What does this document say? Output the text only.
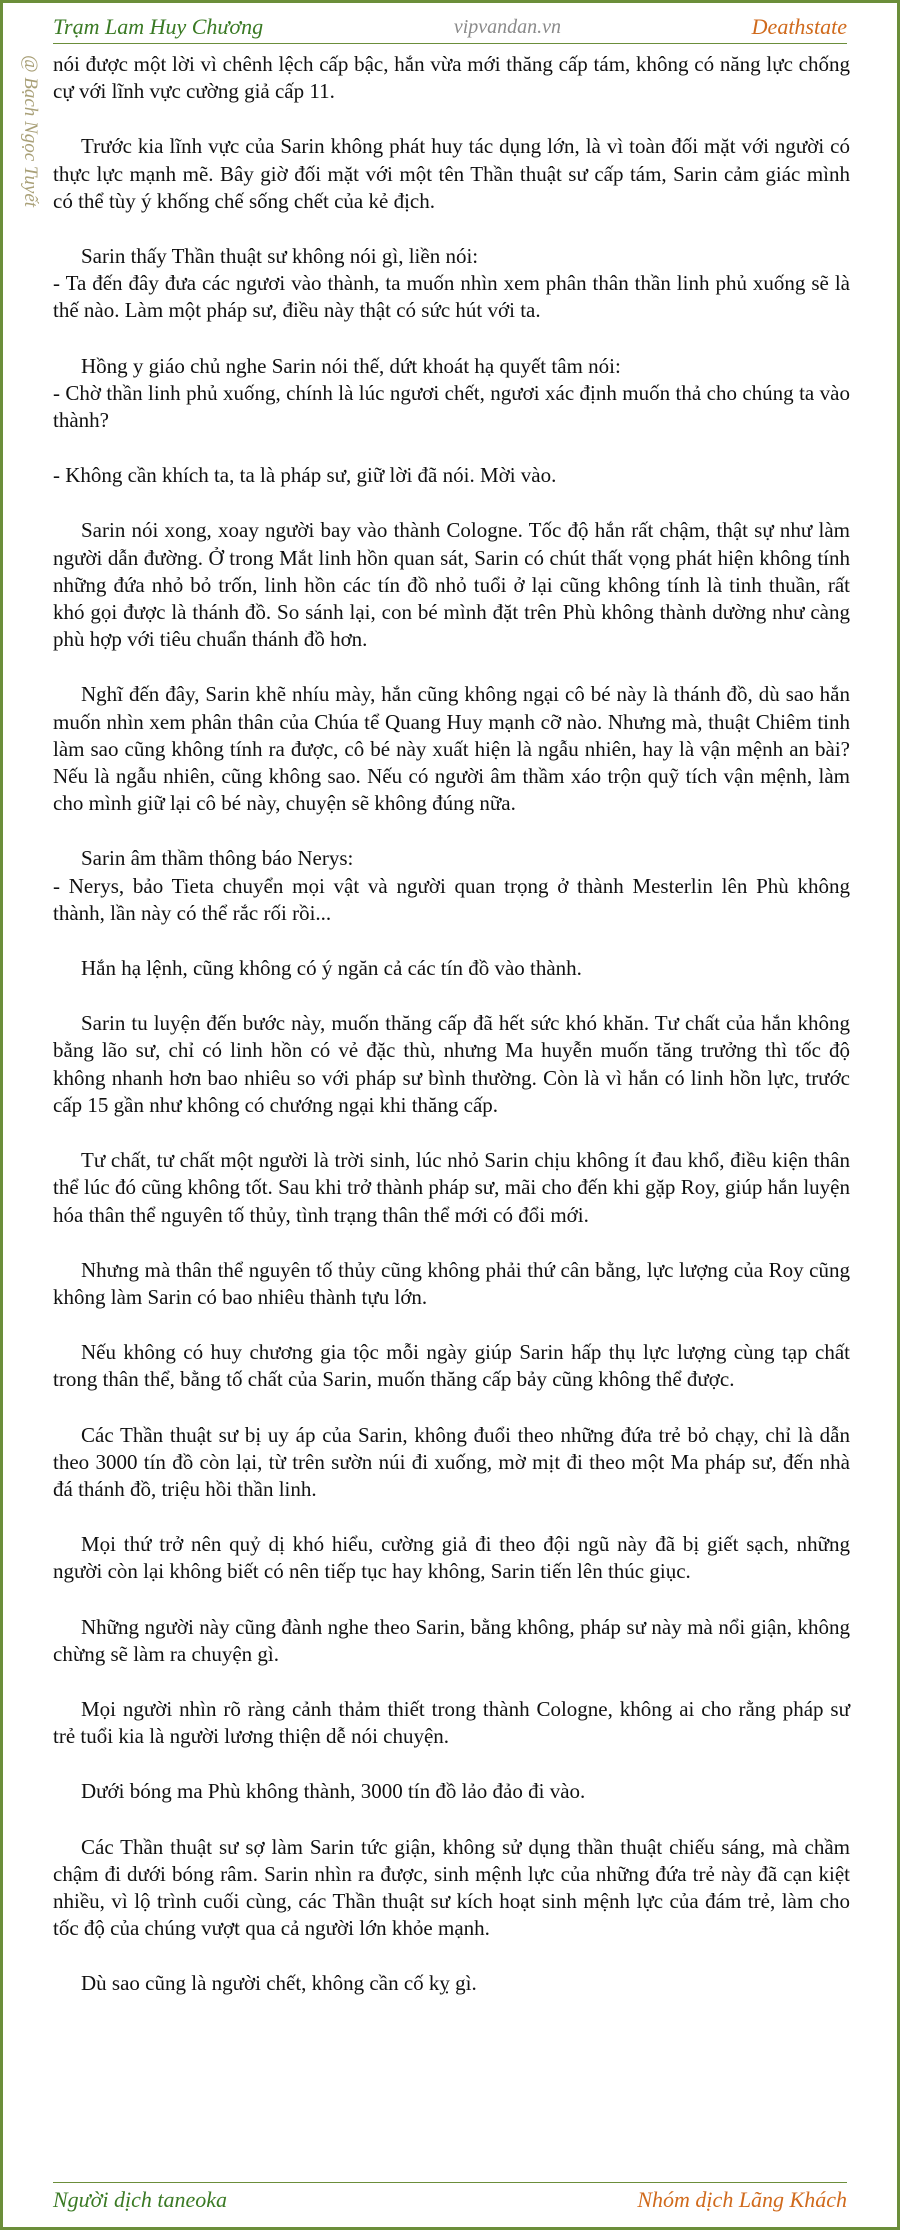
Trạm Lam Huy Chương	vipvandan.vn	Deathstate
@ Bạch Ngọc Tuyết nói được một lời vì chênh lệch cấp bậc, hắn vừa mới thăng cấp tám, không có năng lực chống cự với lĩnh vực cường giả cấp 11.

Trước kia lĩnh vực của Sarin không phát huy tác dụng lớn, là vì toàn đối mặt với người có thực lực mạnh mẽ. Bây giờ đối mặt với một tên Thần thuật sư cấp tám, Sarin cảm giác mình có thể tùy ý khống chế sống chết của kẻ địch.

Sarin thấy Thần thuật sư không nói gì, liền nói:

- Ta đến đây đưa các ngươi vào thành, ta muốn nhìn xem phân thân thần linh phủ xuống sẽ là thế nào. Làm một pháp sư, điều này thật có sức hút với ta.

Hồng y giáo chủ nghe Sarin nói thế, dứt khoát hạ quyết tâm nói:

- Chờ thần linh phủ xuống, chính là lúc ngươi chết, ngươi xác định muốn thả cho chúng ta vào thành?

- Không cần khích ta, ta là pháp sư, giữ lời đã nói. Mời vào.

Sarin nói xong, xoay người bay vào thành Cologne. Tốc độ hắn rất chậm, thật sự như làm người dẫn đường. Ở trong Mắt linh hồn quan sát, Sarin có chút thất vọng phát hiện không tính những đứa nhỏ bỏ trốn, linh hồn các tín đồ nhỏ tuổi ở lại cũng không tính là tinh thuần, rất khó gọi được là thánh đồ. So sánh lại, con bé mình đặt trên Phù không thành dường như càng phù hợp với tiêu chuẩn thánh đồ hơn.

Nghĩ đến đây, Sarin khẽ nhíu mày, hắn cũng không ngại cô bé này là thánh đồ, dù sao hắn muốn nhìn xem phân thân của Chúa tể Quang Huy mạnh cỡ nào. Nhưng mà, thuật Chiêm tinh làm sao cũng không tính ra được, cô bé này xuất hiện là ngẫu nhiên, hay là vận mệnh an bài? Nếu là ngẫu nhiên, cũng không sao. Nếu có người âm thầm xáo trộn quỹ tích vận mệnh, làm cho mình giữ lại cô bé này, chuyện sẽ không đúng nữa.

Sarin âm thầm thông báo Nerys:

- Nerys, bảo Tieta chuyển mọi vật và người quan trọng ở thành Mesterlin lên Phù không thành, lần này có thể rắc rối rồi...

Hắn hạ lệnh, cũng không có ý ngăn cả các tín đồ vào thành.

Sarin tu luyện đến bước này, muốn thăng cấp đã hết sức khó khăn. Tư chất của hắn không bằng lão sư, chỉ có linh hồn có vẻ đặc thù, nhưng Ma huyễn muốn tăng trưởng thì tốc độ không nhanh hơn bao nhiêu so với pháp sư bình thường. Còn là vì hắn có linh hồn lực, trước cấp 15 gần như không có chướng ngại khi thăng cấp.

Tư chất, tư chất một người là trời sinh, lúc nhỏ Sarin chịu không ít đau khổ, điều kiện thân thể lúc đó cũng không tốt. Sau khi trở thành pháp sư, mãi cho đến khi gặp Roy, giúp hắn luyện hóa thân thể nguyên tố thủy, tình trạng thân thể mới có đổi mới.

Nhưng mà thân thể nguyên tố thủy cũng không phải thứ cân bằng, lực lượng của Roy cũng không làm Sarin có bao nhiêu thành tựu lớn.

Nếu không có huy chương gia tộc mỗi ngày giúp Sarin hấp thụ lực lượng cùng tạp chất trong thân thể, bằng tố chất của Sarin, muốn thăng cấp bảy cũng không thể được.

Các Thần thuật sư bị uy áp của Sarin, không đuổi theo những đứa trẻ bỏ chạy, chỉ là dẫn theo 3000 tín đồ còn lại, từ trên sườn núi đi xuống, mờ mịt đi theo một Ma pháp sư, đến nhà đá thánh đồ, triệu hồi thần linh.

Mọi thứ trở nên quỷ dị khó hiểu, cường giả đi theo đội ngũ này đã bị giết sạch, những người còn lại không biết có nên tiếp tục hay không, Sarin tiến lên thúc giục.

Những người này cũng đành nghe theo Sarin, bằng không, pháp sư này mà nổi giận, không chừng sẽ làm ra chuyện gì.

Mọi người nhìn rõ ràng cảnh thảm thiết trong thành Cologne, không ai cho rằng pháp sư trẻ tuổi kia là người lương thiện dễ nói chuyện.

Dưới bóng ma Phù không thành, 3000 tín đồ lảo đảo đi vào.

Các Thần thuật sư sợ làm Sarin tức giận, không sử dụng thần thuật chiếu sáng, mà chầm chậm đi dưới bóng râm. Sarin nhìn ra được, sinh mệnh lực của những đứa trẻ này đã cạn kiệt nhiều, vì lộ trình cuối cùng, các Thần thuật sư kích hoạt sinh mệnh lực của đám trẻ, làm cho tốc độ của chúng vượt qua cả người lớn khỏe mạnh.

Dù sao cũng là người chết, không cần cố kỵ gì.

Người dịch taneoka	Nhóm dịch Lãng Khách
